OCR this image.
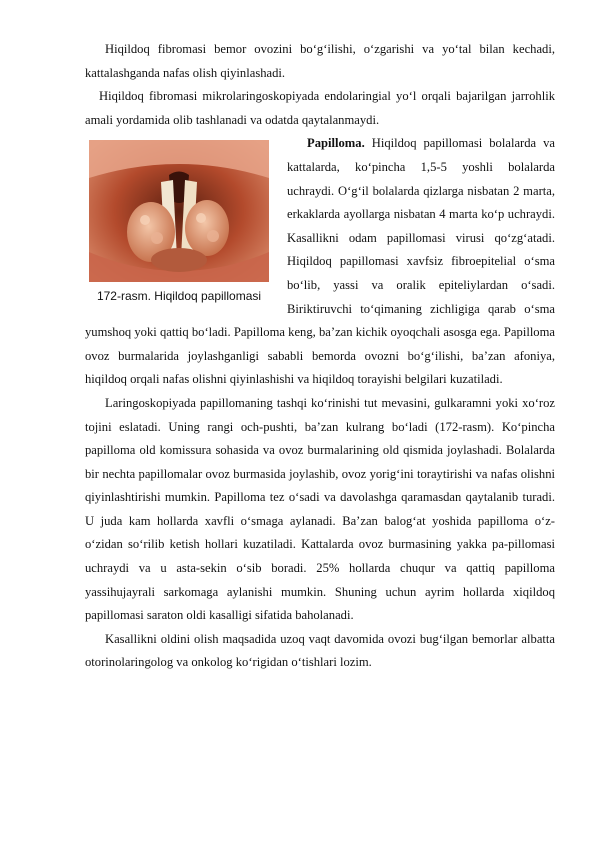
Hiqildoq fibromasi bemor ovozini bo‘g‘ilishi, o‘zgarishi va yo‘tal bilan kechadi, kattalashganda nafas olish qiyinlashadi.

Hiqildoq fibromasi mikrolaringoskopiyada endolaringial yo‘l orqali bajarilgan jarrohlik amali yordamida olib tashlanadi va odatda qaytalanmaydi.

172-rasm. Hiqildoq papillomasi

Papilloma. Hiqildoq papillomasi bolalarda va kattalarda, ko‘pincha 1,5-5 yoshli bolalarda uchraydi. O‘g‘il bolalarda qizlarga nisbatan 2 marta, erkaklarda ayollarga nisbatan 4 marta ko‘p uchraydi. Kasallikni odam papillomasi virusi qo‘zg‘atadi. Hiqildoq papillomasi xavfsiz fibroepitelial o‘sma bo‘lib, yassi va oralik epiteliylardan o‘sadi. Biriktiruvchi to‘qimaning zichligiga qarab o‘sma yumshoq yoki qattiq bo‘ladi. Papilloma keng, ba’zan kichik oyoqchali asosga ega. Papilloma ovoz burmalarida joylashganligi sababli bemorda ovozni bo‘g‘ilishi, ba’zan afoniya, hiqildoq orqali nafas olishni qiyinlashishi va hiqildoq torayishi belgilari kuzatiladi.

Laringoskopiyada papillomaning tashqi ko‘rinishi tut mevasini, gulkaramni yoki xo‘roz tojini eslatadi. Uning rangi och-pushti, ba’zan kulrang bo‘ladi (172-rasm). Ko‘pincha papilloma old komissura sohasida va ovoz burmalarining old qismida joylashadi. Bolalarda bir nechta papillomalar ovoz burmasida joylashib, ovoz yorig‘ini toraytirishi va nafas olishni qiyinlashtirishi mumkin. Papilloma tez o‘sadi va davolashga qaramasdan qaytalanib turadi. U juda kam hollarda xavfli o‘smaga aylanadi. Ba’zan balog‘at yoshida papilloma o‘z-o‘zidan so‘rilib ketish hollari kuzatiladi. Kattalarda ovoz burmasining yakka pa-pillomasi uchraydi va u asta-sekin o‘sib boradi. 25% hollarda chuqur va qattiq papilloma yassihujayrali sarkomaga aylanishi mumkin. Shuning uchun ayrim hollarda xiqildoq papillomasi saraton oldi kasalligi sifatida baholanadi.

Kasallikni oldini olish maqsadida uzoq vaqt davomida ovozi bug‘ilgan bemorlar albatta otorinolaringolog va onkolog ko‘rigidan o‘tishlari lozim.
